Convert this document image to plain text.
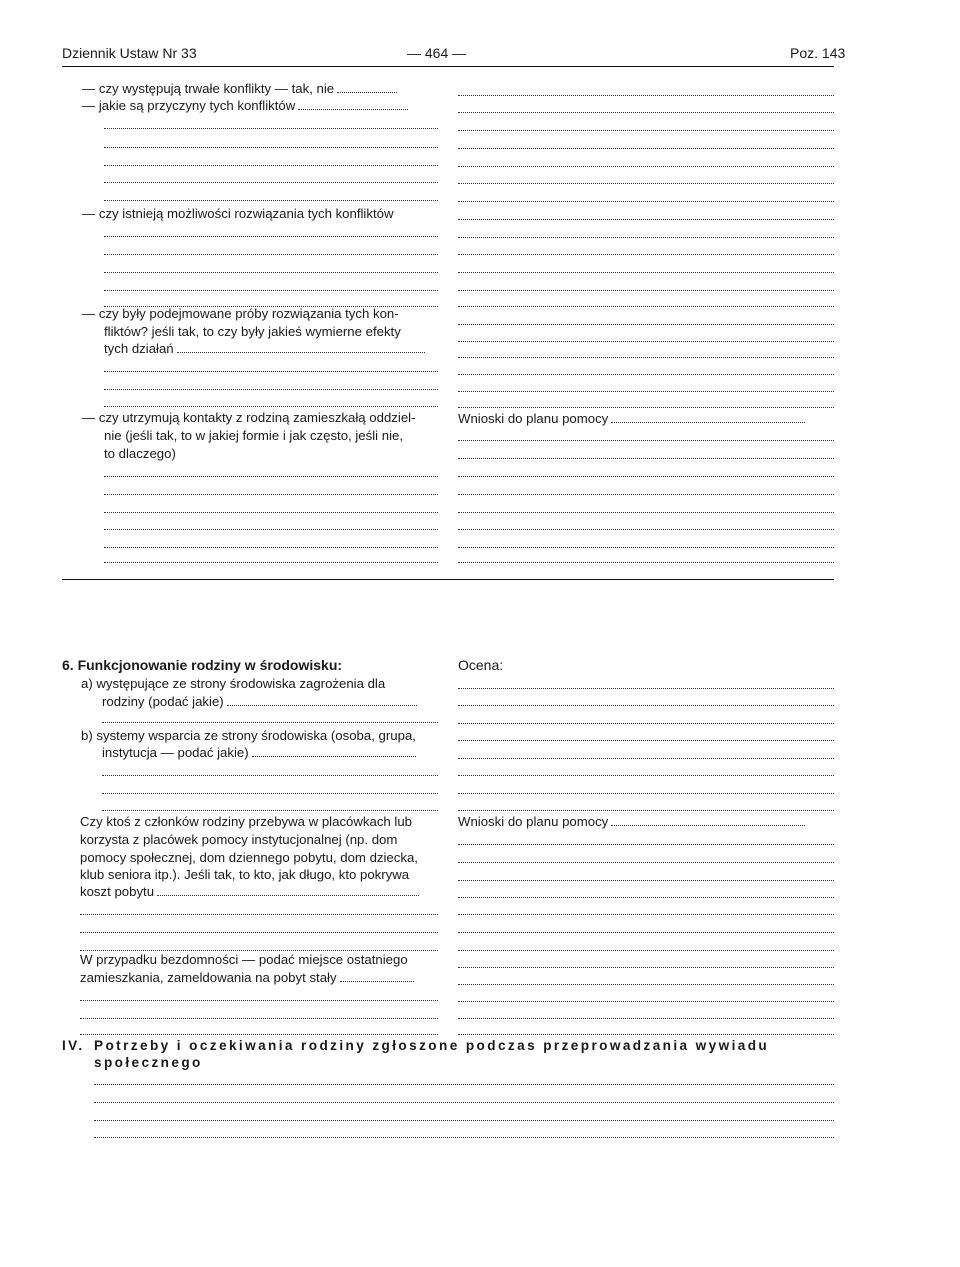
Dziennik Ustaw Nr 33	— 464 —	Poz. 143
— czy występują trwałe konflikty — tak, nie
— jakie są przyczyny tych konfliktów
— czy istnieją możliwości rozwiązania tych konfliktów
— czy były podejmowane próby rozwiązania tych kon-
fliktów? jeśli tak, to czy były jakieś wymierne efekty
tych działań
— czy utrzymują kontakty z rodziną zamieszkałą oddziel-
nie (jeśli tak, to w jakiej formie i jak często, jeśli nie,
to dlaczego)
Wnioski do planu pomocy
6. Funkcjonowanie rodziny w środowisku:	Ocena:
a) występujące ze strony środowiska zagrożenia dla
rodziny (podać jakie)
b) systemy wsparcia ze strony środowiska (osoba, grupa,
instytucja — podać jakie)
Czy ktoś z członków rodziny przebywa w placówkach lub
korzysta z placówek pomocy instytucjonalnej (np. dom
pomocy społecznej, dom dziennego pobytu, dom dziecka,
klub seniora itp.). Jeśli tak, to kto, jak długo, kto pokrywa
koszt pobytu
W przypadku bezdomności — podać miejsce ostatniego
zamieszkania, zameldowania na pobyt stały
Wnioski do planu pomocy
IV. Potrzeby i oczekiwania rodziny zgłoszone podczas przeprowadzania wywiadu
społecznego
